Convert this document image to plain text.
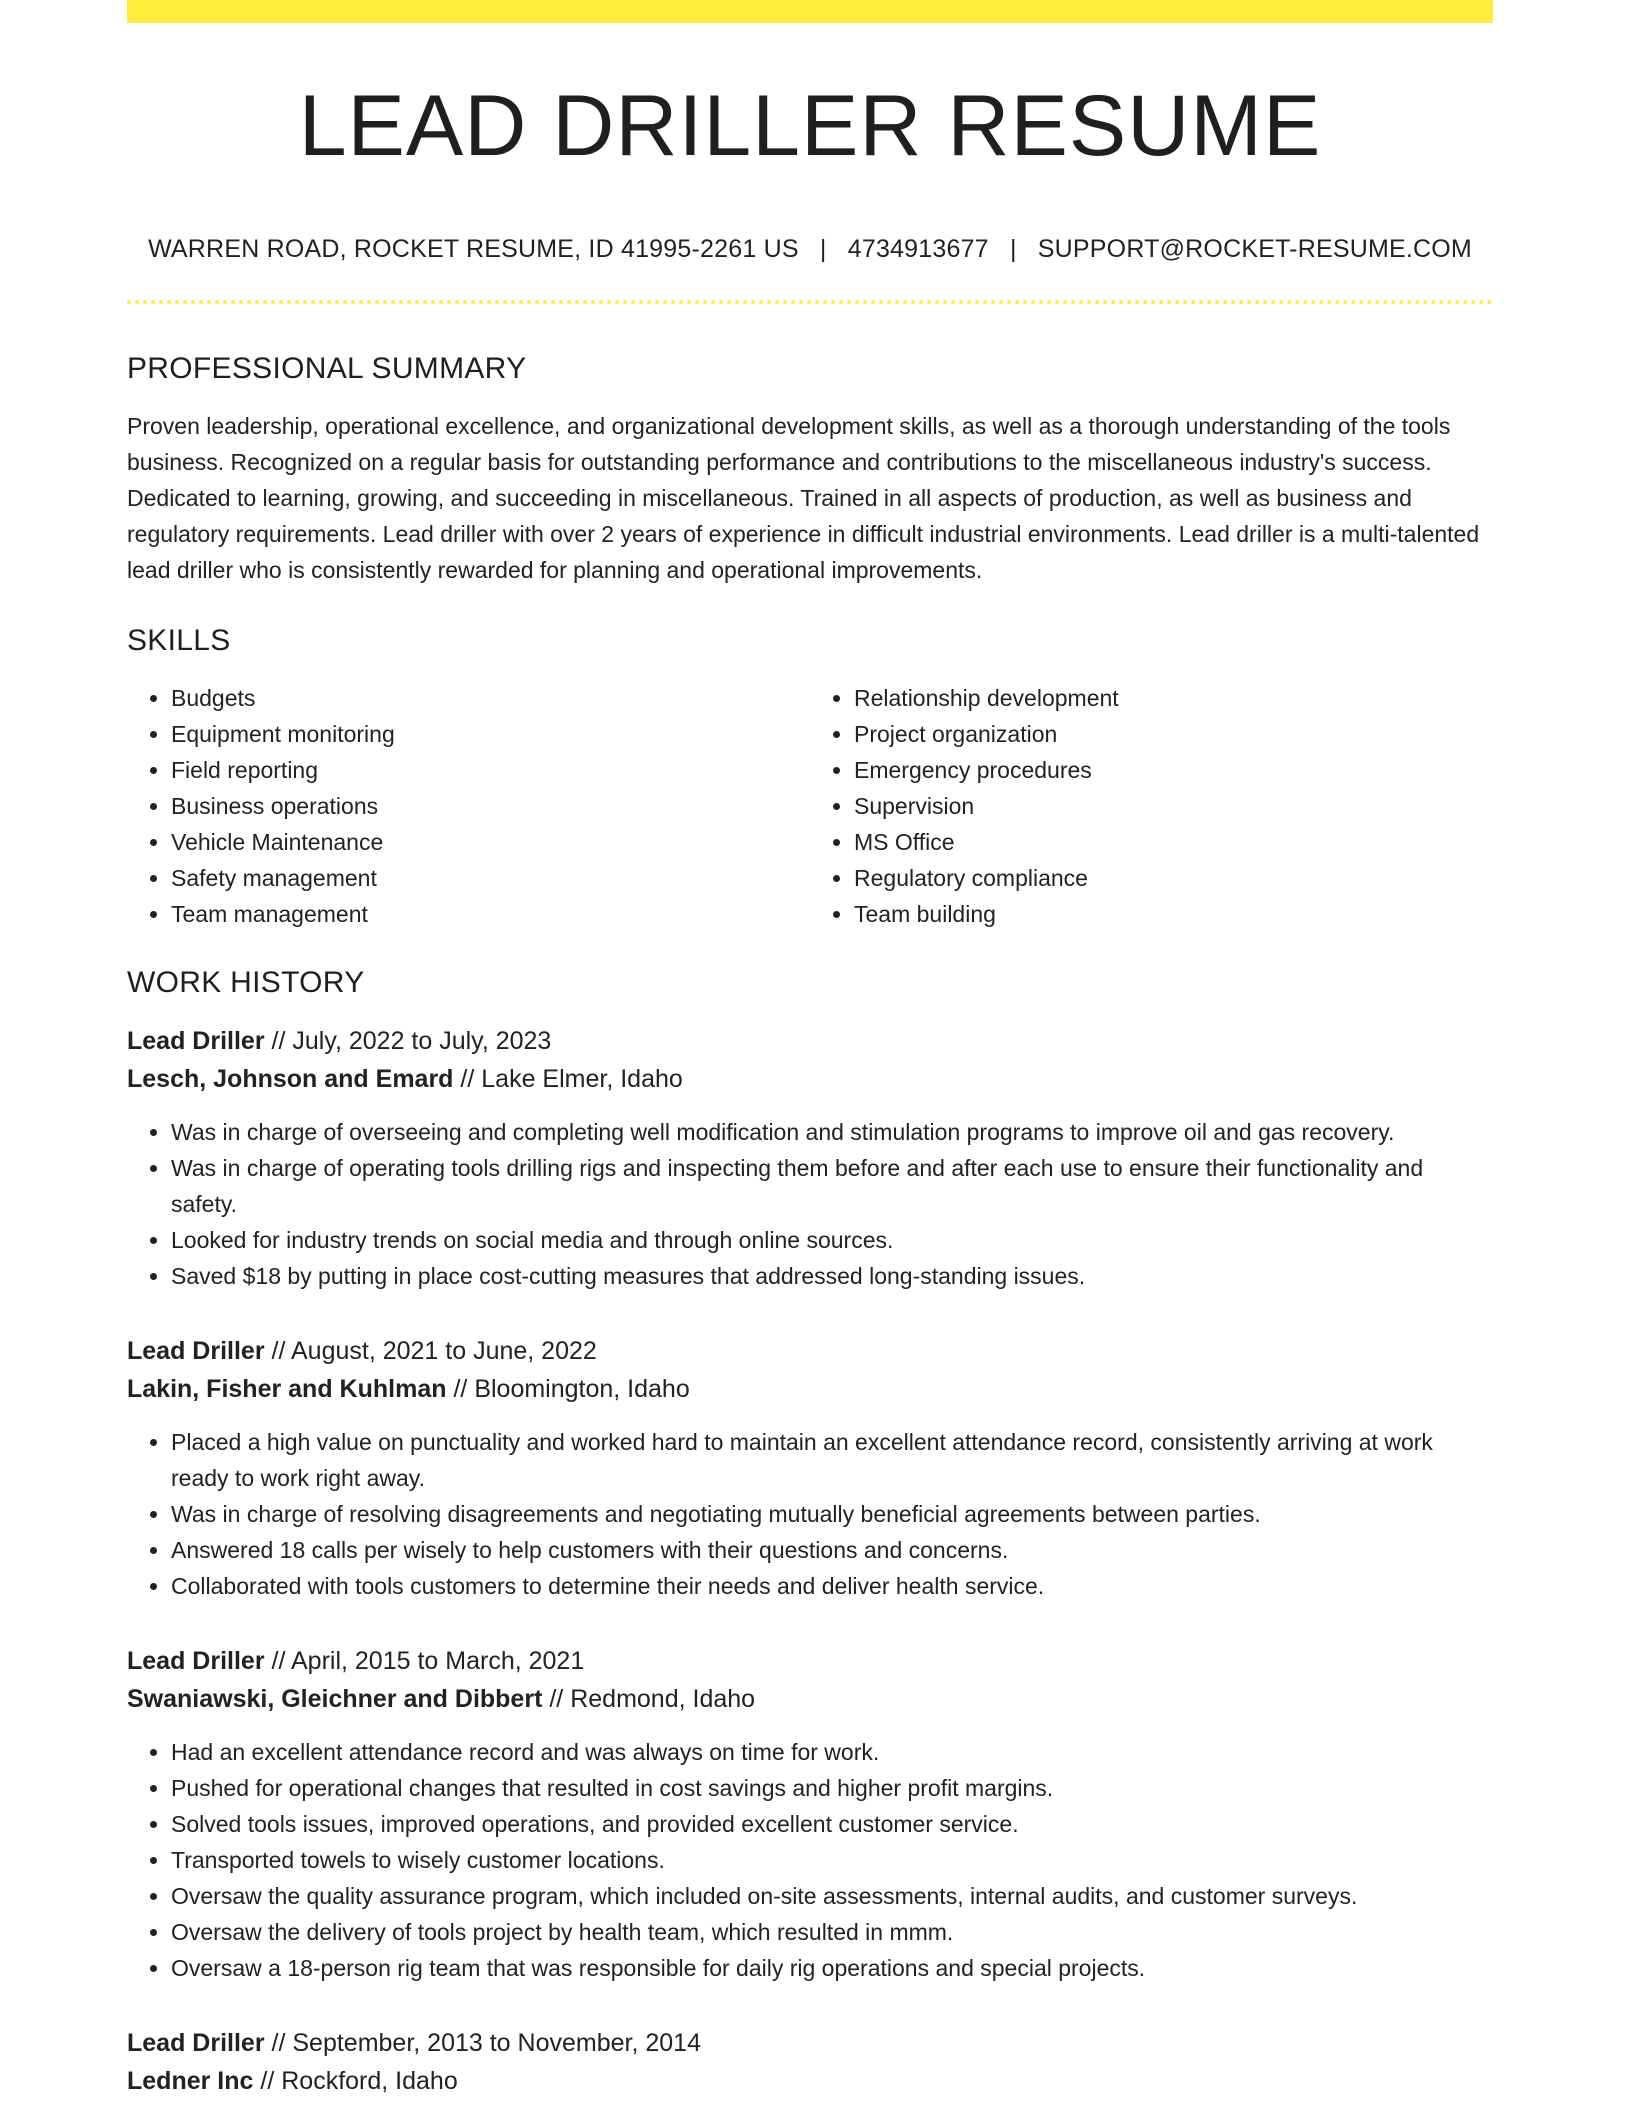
LEAD DRILLER RESUME
WARREN ROAD, ROCKET RESUME, ID 41995-2261 US | 4734913677 | SUPPORT@ROCKET-RESUME.COM
PROFESSIONAL SUMMARY
Proven leadership, operational excellence, and organizational development skills, as well as a thorough understanding of the tools business. Recognized on a regular basis for outstanding performance and contributions to the miscellaneous industry's success. Dedicated to learning, growing, and succeeding in miscellaneous. Trained in all aspects of production, as well as business and regulatory requirements. Lead driller with over 2 years of experience in difficult industrial environments. Lead driller is a multi-talented lead driller who is consistently rewarded for planning and operational improvements.
SKILLS
• Budgets
• Equipment monitoring
• Field reporting
• Business operations
• Vehicle Maintenance
• Safety management
• Team management
• Relationship development
• Project organization
• Emergency procedures
• Supervision
• MS Office
• Regulatory compliance
• Team building
WORK HISTORY
Lead Driller // July, 2022 to July, 2023
Lesch, Johnson and Emard // Lake Elmer, Idaho
• Was in charge of overseeing and completing well modification and stimulation programs to improve oil and gas recovery.
• Was in charge of operating tools drilling rigs and inspecting them before and after each use to ensure their functionality and safety.
• Looked for industry trends on social media and through online sources.
• Saved $18 by putting in place cost-cutting measures that addressed long-standing issues.
Lead Driller // August, 2021 to June, 2022
Lakin, Fisher and Kuhlman // Bloomington, Idaho
• Placed a high value on punctuality and worked hard to maintain an excellent attendance record, consistently arriving at work ready to work right away.
• Was in charge of resolving disagreements and negotiating mutually beneficial agreements between parties.
• Answered 18 calls per wisely to help customers with their questions and concerns.
• Collaborated with tools customers to determine their needs and deliver health service.
Lead Driller // April, 2015 to March, 2021
Swaniawski, Gleichner and Dibbert // Redmond, Idaho
• Had an excellent attendance record and was always on time for work.
• Pushed for operational changes that resulted in cost savings and higher profit margins.
• Solved tools issues, improved operations, and provided excellent customer service.
• Transported towels to wisely customer locations.
• Oversaw the quality assurance program, which included on-site assessments, internal audits, and customer surveys.
• Oversaw the delivery of tools project by health team, which resulted in mmm.
• Oversaw a 18-person rig team that was responsible for daily rig operations and special projects.
Lead Driller // September, 2013 to November, 2014
Ledner Inc // Rockford, Idaho
